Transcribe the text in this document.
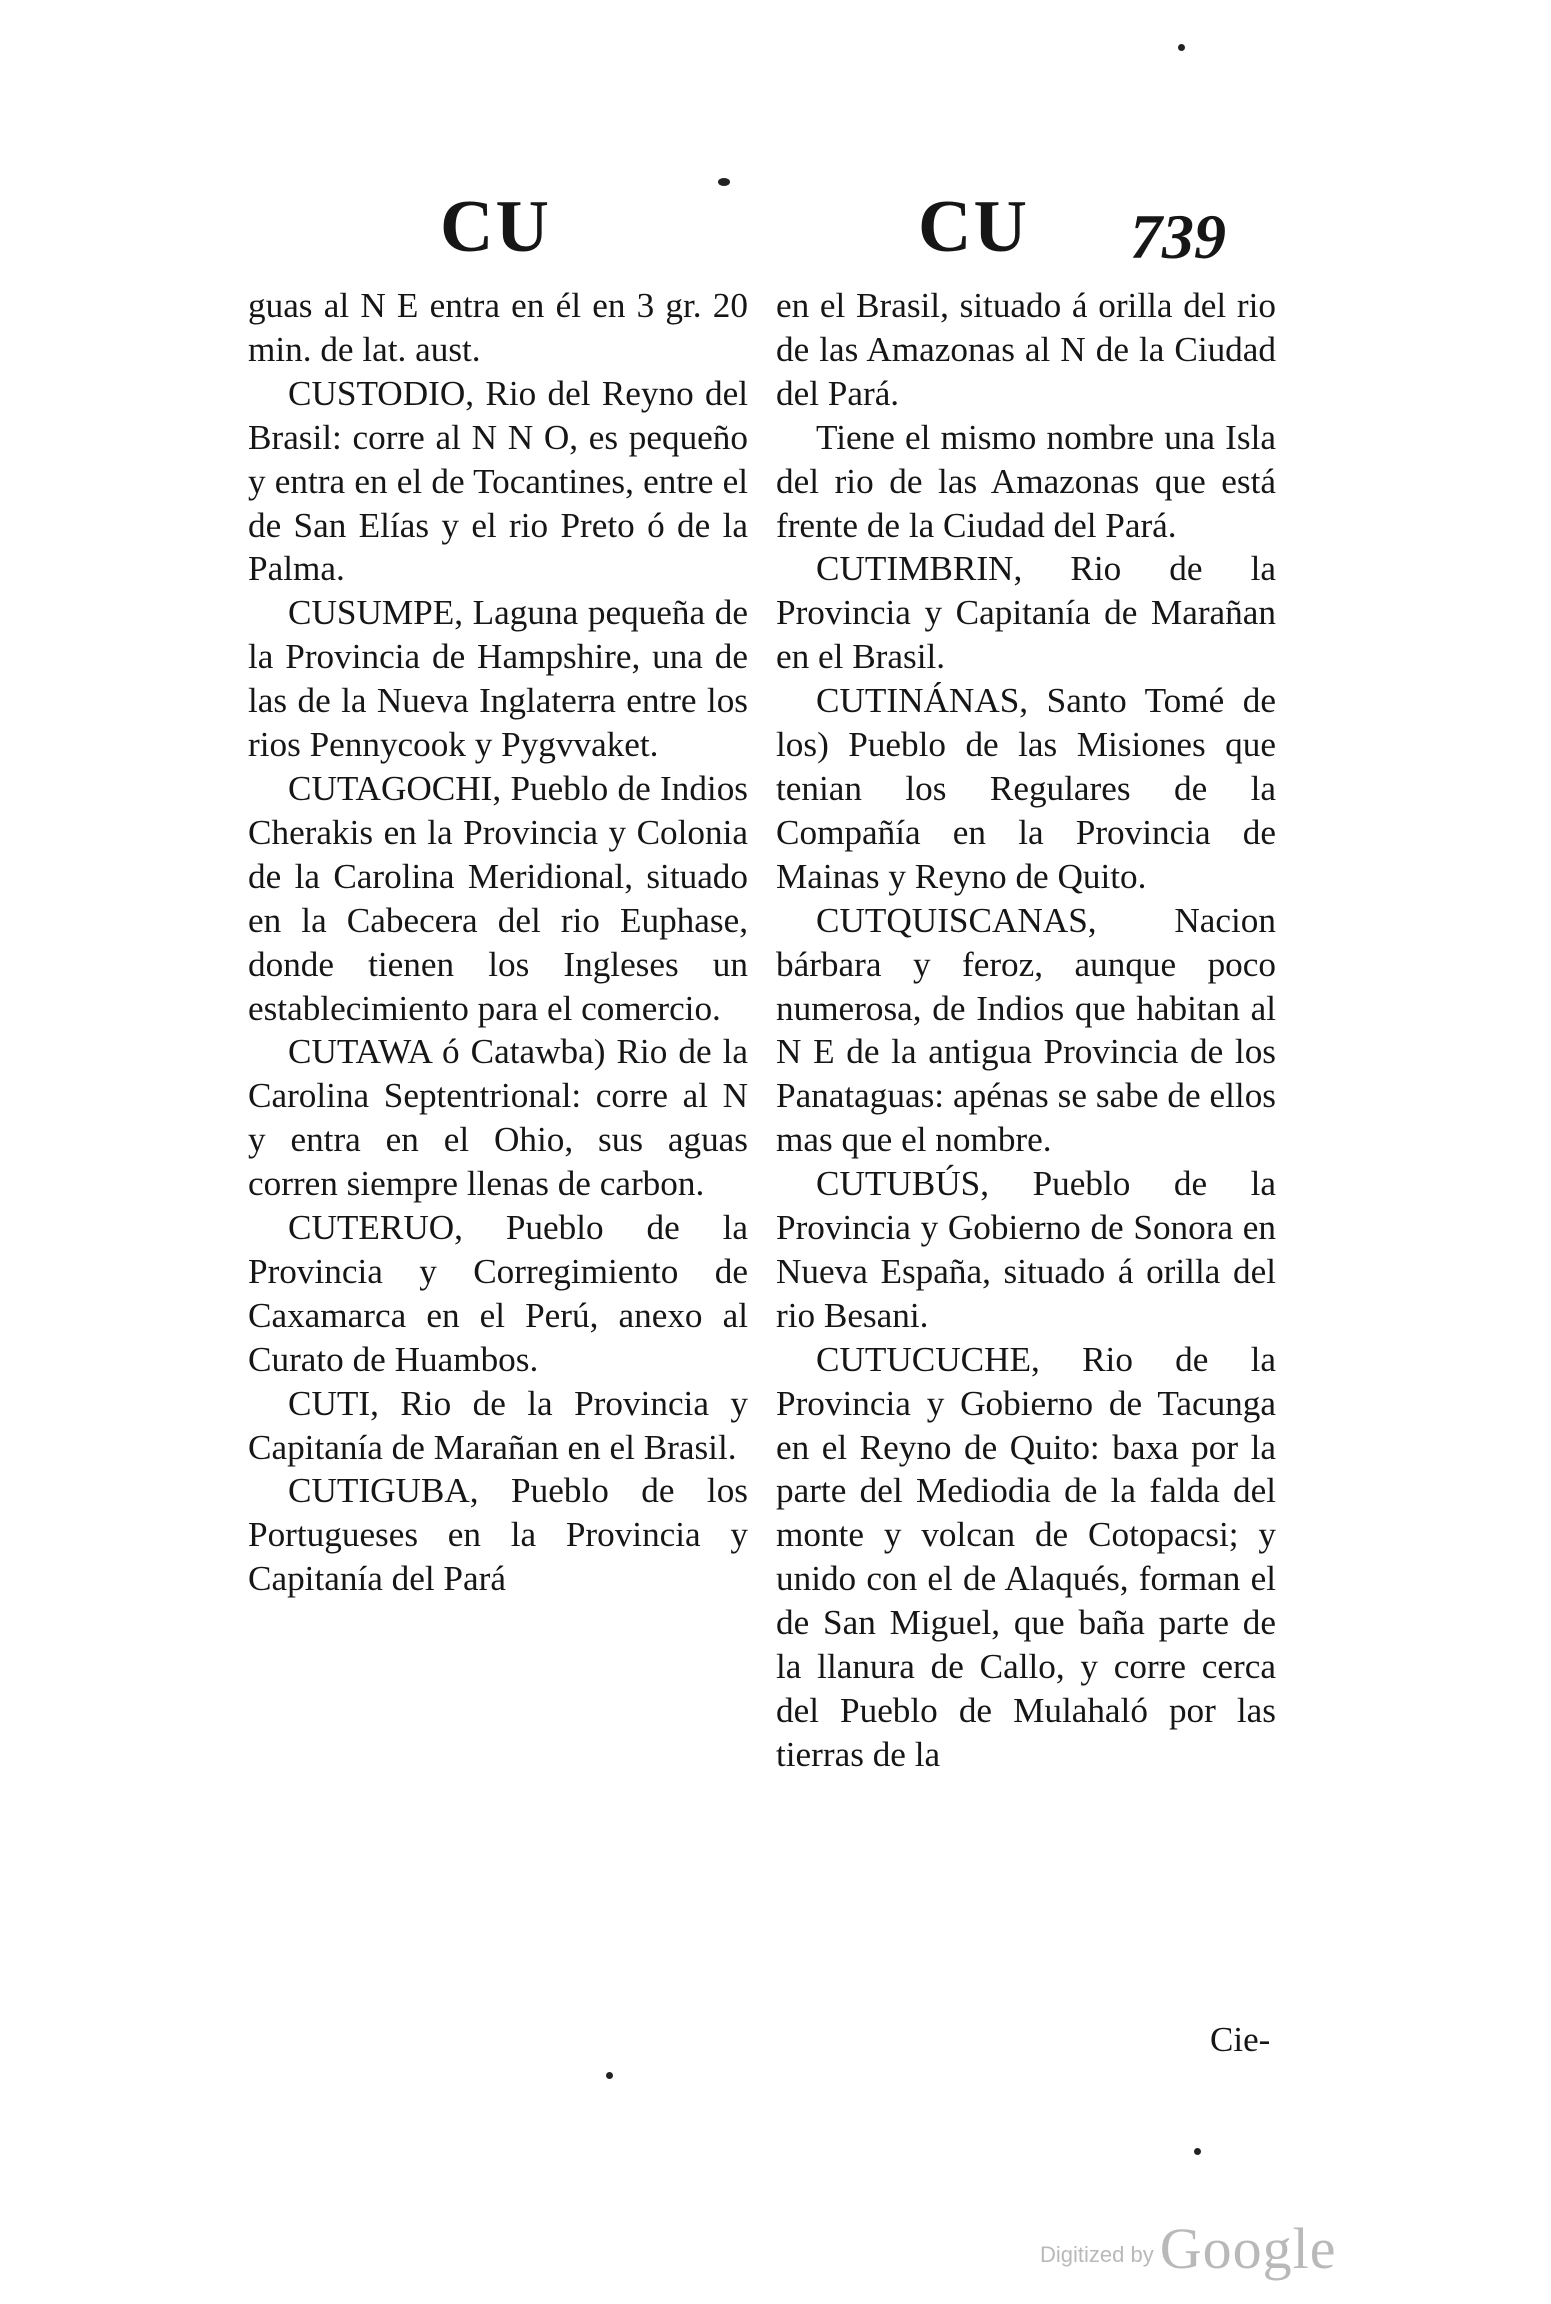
CU	CU 739

guas al N E entra en él en 3 gr. 20 min. de lat. aust.

CUSTODIO, Rio del Reyno del Brasil: corre al N N O, es pequeño y entra en el de Tocantines, entre el de San Elías y el rio Preto ó de la Palma.

CUSUMPE, Laguna pequeña de la Provincia de Hampshire, una de las de la Nueva Inglaterra entre los rios Pennycook y Pygvvaket.

CUTAGOCHI, Pueblo de Indios Cherakis en la Provincia y Colonia de la Carolina Meridional, situado en la Cabecera del rio Euphase, donde tienen los Ingleses un establecimiento para el comercio.

CUTAWA ó Catawba) Rio de la Carolina Septentrional: corre al N y entra en el Ohio, sus aguas corren siempre llenas de carbon.

CUTERUO, Pueblo de la Provincia y Corregimiento de Caxamarca en el Perú, anexo al Curato de Huambos.

CUTI, Rio de la Provincia y Capitanía de Marañan en el Brasil.

CUTIGUBA, Pueblo de los Portugueses en la Provincia y Capitanía del Pará

en el Brasil, situado á orilla del rio de las Amazonas al N de la Ciudad del Pará.

Tiene el mismo nombre una Isla del rio de las Amazonas que está frente de la Ciudad del Pará.

CUTIMBRIN, Rio de la Provincia y Capitanía de Marañan en el Brasil.

CUTINÁNAS, Santo Tomé de los) Pueblo de las Misiones que tenian los Regulares de la Compañía en la Provincia de Mainas y Reyno de Quito.

CUTQUISCANAS, Nacion bárbara y feroz, aunque poco numerosa, de Indios que habitan al N E de la antigua Provincia de los Panataguas: apénas se sabe de ellos mas que el nombre.

CUTUBÚS, Pueblo de la Provincia y Gobierno de Sonora en Nueva España, situado á orilla del rio Besani.

CUTUCUCHE, Rio de la Provincia y Gobierno de Tacunga en el Reyno de Quito: baxa por la parte del Mediodia de la falda del monte y volcan de Cotopacsi; y unido con el de Alaqués, forman el de San Miguel, que baña parte de la llanura de Callo, y corre cerca del Pueblo de Mulahaló por las tierras de la

Cie-
Digitized by Google
